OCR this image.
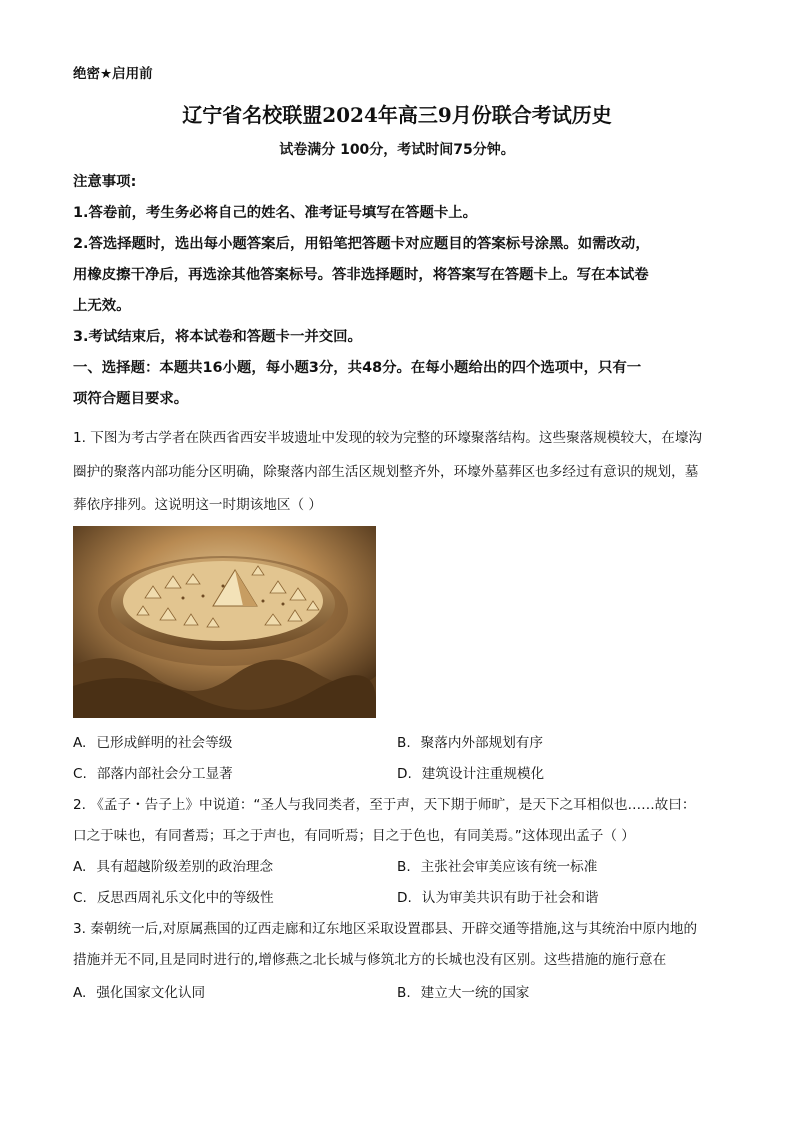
绝密★启用前
辽宁省名校联盟2024年高三9月份联合考试历史
试卷满分 100分，考试时间75分钟。
注意事项:
1.答卷前，考生务必将自己的姓名、准考证号填写在答题卡上。
2.答选择题时，选出每小题答案后，用铅笔把答题卡对应题目的答案标号涂黑。如需改动，
用橡皮擦干净后，再选涂其他答案标号。答非选择题时，将答案写在答题卡上。写在本试卷
上无效。
3.考试结束后，将本试卷和答题卡一并交回。
一、选择题：本题共16小题，每小题3分，共48分。在每小题给出的四个选项中，只有一
项符合题目要求。
1. 下图为考古学者在陕西省西安半坡遗址中发现的较为完整的环壕聚落结构。这些聚落规模较大，在壕沟
圈护的聚落内部功能分区明确，除聚落内部生活区规划整齐外，环壕外墓葬区也多经过有意识的规划，墓
葬依序排列。这说明这一时期该地区（ ）
A. 已形成鲜明的社会等级	B. 聚落内外部规划有序
C. 部落内部社会分工显著	D. 建筑设计注重规模化
2. 《孟子・告子上》中说道：“圣人与我同类者，至于声，天下期于师旷，是天下之耳相似也……故曰：
口之于味也，有同耆焉；耳之于声也，有同听焉；目之于色也，有同美焉。”这体现出孟子（ ）
A. 具有超越阶级差别的政治理念	B. 主张社会审美应该有统一标准
C. 反思西周礼乐文化中的等级性	D. 认为审美共识有助于社会和谐
3. 秦朝统一后,对原属燕国的辽西走廊和辽东地区采取设置郡县、开辟交通等措施,这与其统治中原内地的
措施并无不同,且是同时进行的,增修燕之北长城与修筑北方的长城也没有区别。这些措施的施行意在
A. 强化国家文化认同	B. 建立大一统的国家
